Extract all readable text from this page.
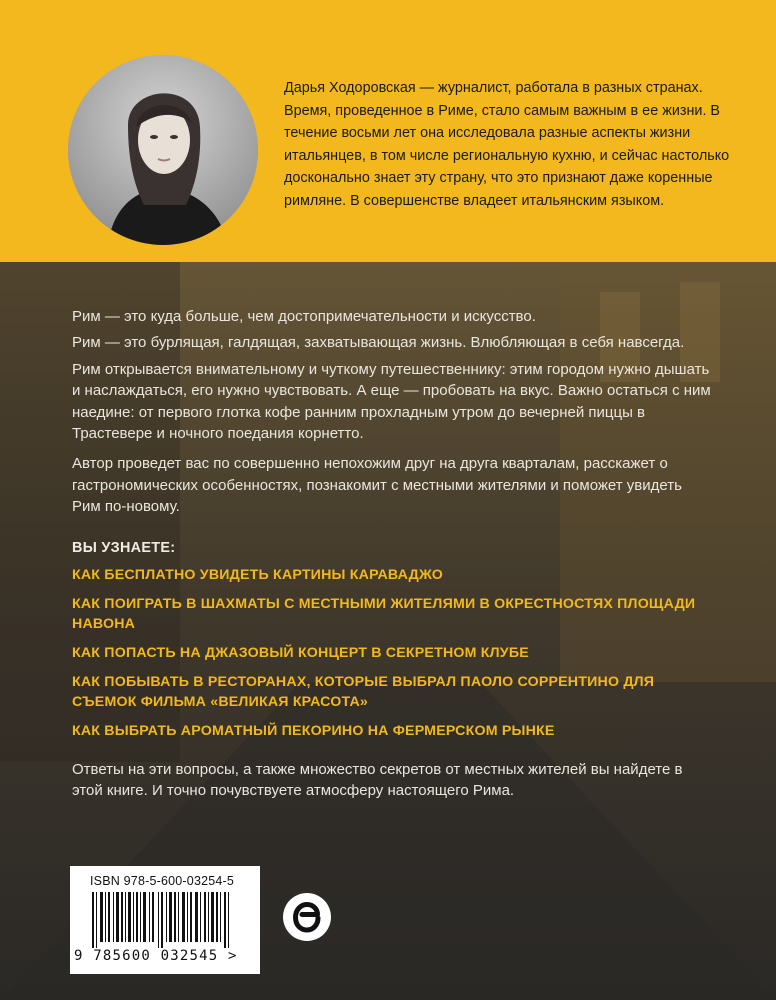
Дарья Ходоровская — журналист, работала в разных странах. Время, проведенное в Риме, стало самым важным в ее жизни. В течение восьми лет она исследовала разные аспекты жизни итальянцев, в том числе региональную кухню, и сейчас настолько досконально знает эту страну, что это признают даже коренные римляне. В совершенстве владеет итальянским языком.

Рим — это куда больше, чем достопримечательности и искусство.

Рим — это бурлящая, галдящая, захватывающая жизнь. Влюбляющая в себя навсегда.

Рим открывается внимательному и чуткому путешественнику: этим городом нужно дышать и наслаждаться, его нужно чувствовать. А еще — пробовать на вкус. Важно остаться с ним наедине: от первого глотка кофе ранним прохладным утром до вечерней пиццы в Трастевере и ночного поедания корнетто.

Автор проведет вас по совершенно непохожим друг на друга кварталам, расскажет о гастрономических особенностях, познакомит с местными жителями и поможет увидеть Рим по-новому.

ВЫ УЗНАЕТЕ:
КАК БЕСПЛАТНО УВИДЕТЬ КАРТИНЫ КАРАВАДЖО
КАК ПОИГРАТЬ В ШАХМАТЫ С МЕСТНЫМИ ЖИТЕЛЯМИ В ОКРЕСТНОСТЯХ ПЛОЩАДИ НАВОНА
КАК ПОПАСТЬ НА ДЖАЗОВЫЙ КОНЦЕРТ В СЕКРЕТНОМ КЛУБЕ
КАК ПОБЫВАТЬ В РЕСТОРАНАХ, КОТОРЫЕ ВЫБРАЛ ПАОЛО СОРРЕНТИНО ДЛЯ СЪЕМОК ФИЛЬМА «ВЕЛИКАЯ КРАСОТА»
КАК ВЫБРАТЬ АРОМАТНЫЙ ПЕКОРИНО НА ФЕРМЕРСКОМ РЫНКЕ

Ответы на эти вопросы, а также множество секретов от местных жителей вы найдете в этой книге. И точно почувствуете атмосферу настоящего Рима.

ISBN 978-5-600-03254-5
9 785600 032545 >
